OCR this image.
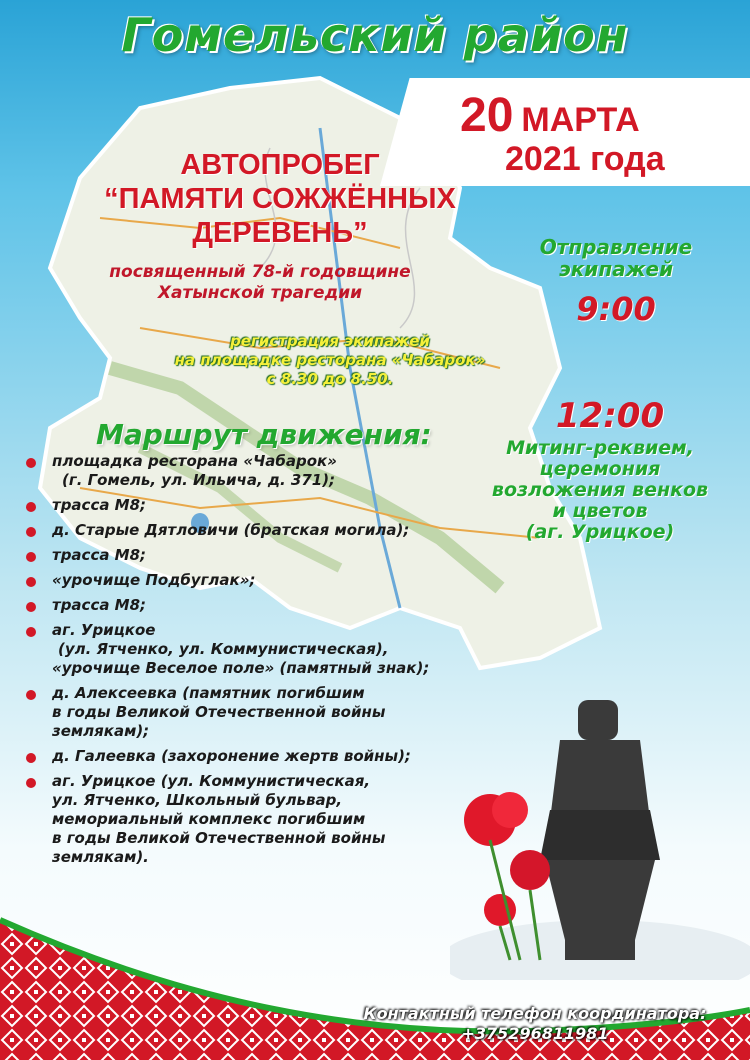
Гомельский район
20 МАРТА
2021 года
АВТОПРОБЕГ
“ПАМЯТИ СОЖЖЁННЫХ
ДЕРЕВЕНЬ”
посвященный 78-й годовщине
Хатынской трагедии
регистрация экипажей
на площадке ресторана «Чабарок»
с 8.30 до 8.50.
Отправление
экипажей
9:00
12:00
Митинг-реквием,
церемония
возложения венков
и цветов
(аг. Урицкое)
Маршрут движения:
площадка ресторана «Чабарок»
(г. Гомель, ул. Ильича, д. 371);
трасса М8;
д. Старые Дятловичи (братская могила);
трасса М8;
«урочище Подбуглак»;
трасса М8;
аг. Урицкое
(ул. Ятченко, ул. Коммунистическая),
«урочище Веселое поле» (памятный знак);
д. Алексеевка (памятник погибшим
в годы Великой Отечественной войны
землякам);
д. Галеевка (захоронение жертв войны);
аг. Урицкое (ул. Коммунистическая,
ул. Ятченко, Школьный бульвар,
мемориальный комплекс погибшим
в годы Великой Отечественной войны
землякам).
Контактный телефон координатора:
+375296811981
